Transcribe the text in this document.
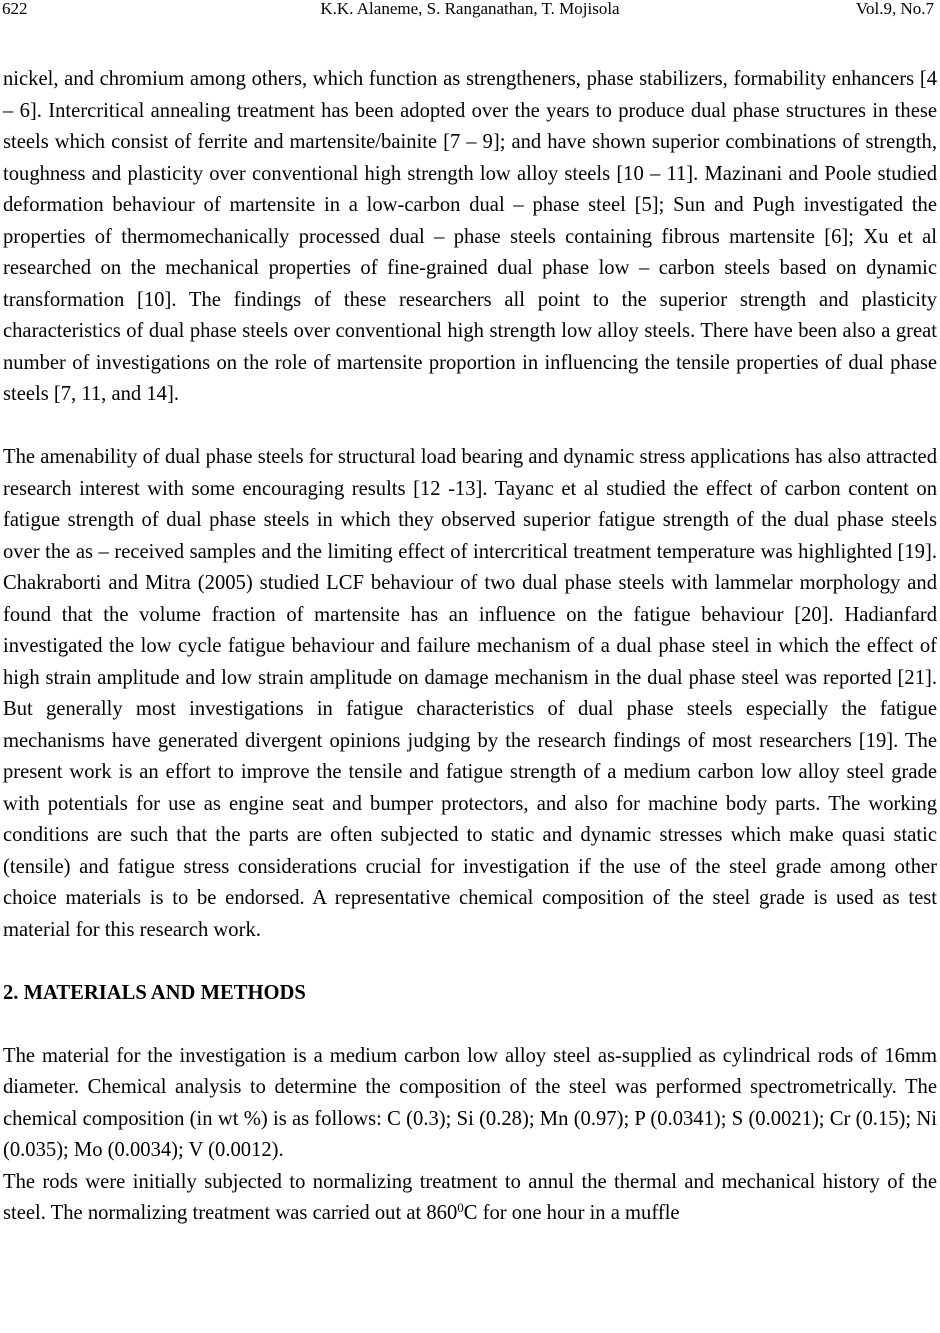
622	K.K. Alaneme, S. Ranganathan, T. Mojisola	Vol.9, No.7

nickel, and chromium among others, which function as strengtheners, phase stabilizers, formability enhancers [4 – 6]. Intercritical annealing treatment has been adopted over the years to produce dual phase structures in these steels which consist of ferrite and martensite/bainite [7 – 9]; and have shown superior combinations of strength, toughness and plasticity over conventional high strength low alloy steels [10 – 11]. Mazinani and Poole studied deformation behaviour of martensite in a low-carbon dual – phase steel [5]; Sun and Pugh investigated the properties of thermomechanically processed dual – phase steels containing fibrous martensite [6]; Xu et al researched on the mechanical properties of fine-grained dual phase low – carbon steels based on dynamic transformation [10]. The findings of these researchers all point to the superior strength and plasticity characteristics of dual phase steels over conventional high strength low alloy steels. There have been also a great number of investigations on the role of martensite proportion in influencing the tensile properties of dual phase steels [7, 11, and 14].

The amenability of dual phase steels for structural load bearing and dynamic stress applications has also attracted research interest with some encouraging results [12 -13]. Tayanc et al studied the effect of carbon content on fatigue strength of dual phase steels in which they observed superior fatigue strength of the dual phase steels over the as – received samples and the limiting effect of intercritical treatment temperature was highlighted [19]. Chakraborti and Mitra (2005) studied LCF behaviour of two dual phase steels with lammelar morphology and found that the volume fraction of martensite has an influence on the fatigue behaviour [20]. Hadianfard investigated the low cycle fatigue behaviour and failure mechanism of a dual phase steel in which the effect of high strain amplitude and low strain amplitude on damage mechanism in the dual phase steel was reported [21]. But generally most investigations in fatigue characteristics of dual phase steels especially the fatigue mechanisms have generated divergent opinions judging by the research findings of most researchers [19]. The present work is an effort to improve the tensile and fatigue strength of a medium carbon low alloy steel grade with potentials for use as engine seat and bumper protectors, and also for machine body parts. The working conditions are such that the parts are often subjected to static and dynamic stresses which make quasi static (tensile) and fatigue stress considerations crucial for investigation if the use of the steel grade among other choice materials is to be endorsed. A representative chemical composition of the steel grade is used as test material for this research work.

2. MATERIALS AND METHODS

The material for the investigation is a medium carbon low alloy steel as-supplied as cylindrical rods of 16mm diameter. Chemical analysis to determine the composition of the steel was performed spectrometrically. The chemical composition (in wt %) is as follows: C (0.3); Si (0.28); Mn (0.97); P (0.0341); S (0.0021); Cr (0.15); Ni (0.035); Mo (0.0034); V (0.0012).

The rods were initially subjected to normalizing treatment to annul the thermal and mechanical history of the steel. The normalizing treatment was carried out at $860^0C$ for one hour in a muffle
